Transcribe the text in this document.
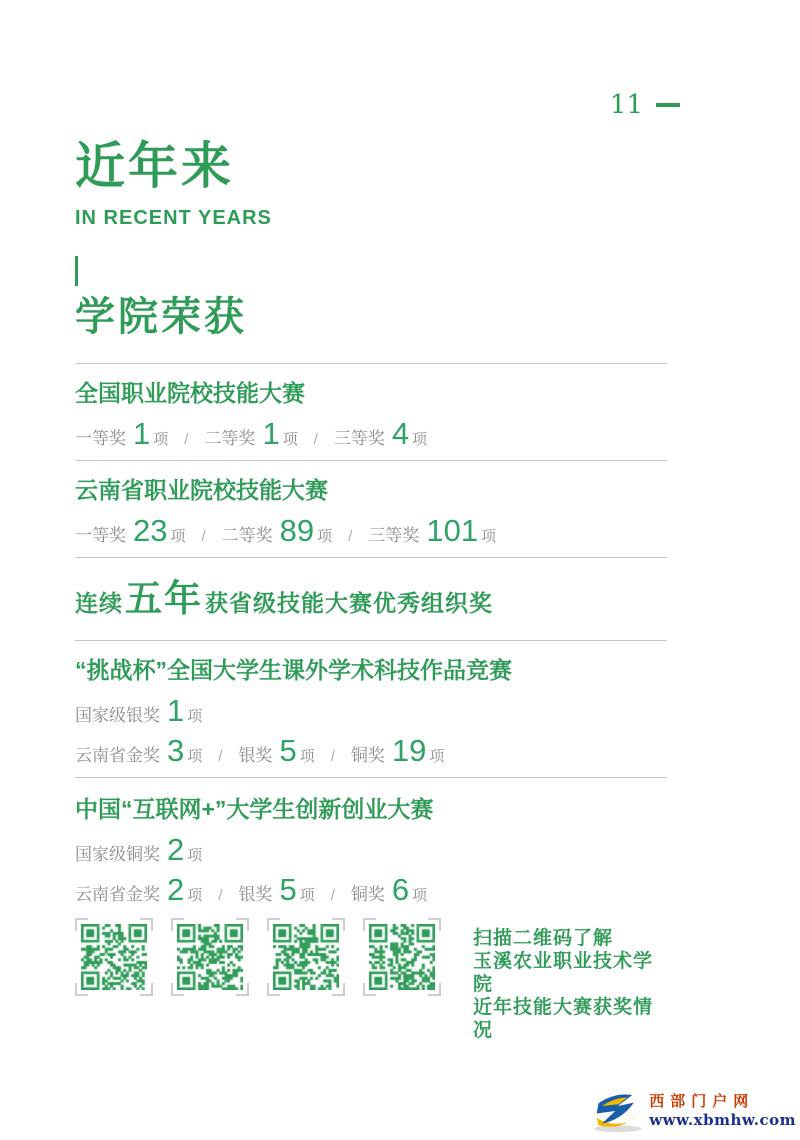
11
近年来
IN RECENT YEARS
学院荣获
全国职业院校技能大赛
一等奖 1 项 / 二等奖 1 项 / 三等奖 4 项
云南省职业院校技能大赛
一等奖 23 项 / 二等奖 89 项 / 三等奖 101 项
连续五年获省级技能大赛优秀组织奖
“挑战杯”全国大学生课外学术科技作品竞赛
国家级银奖 1 项
云南省金奖 3 项 / 银奖 5 项 / 铜奖 19 项
中国“互联网+”大学生创新创业大赛
国家级铜奖 2 项
云南省金奖 2 项 / 银奖 5 项 / 铜奖 6 项
扫描二维码了解
玉溪农业职业技术学院
近年技能大赛获奖情况
西部门户网
www.xbmhw.com
